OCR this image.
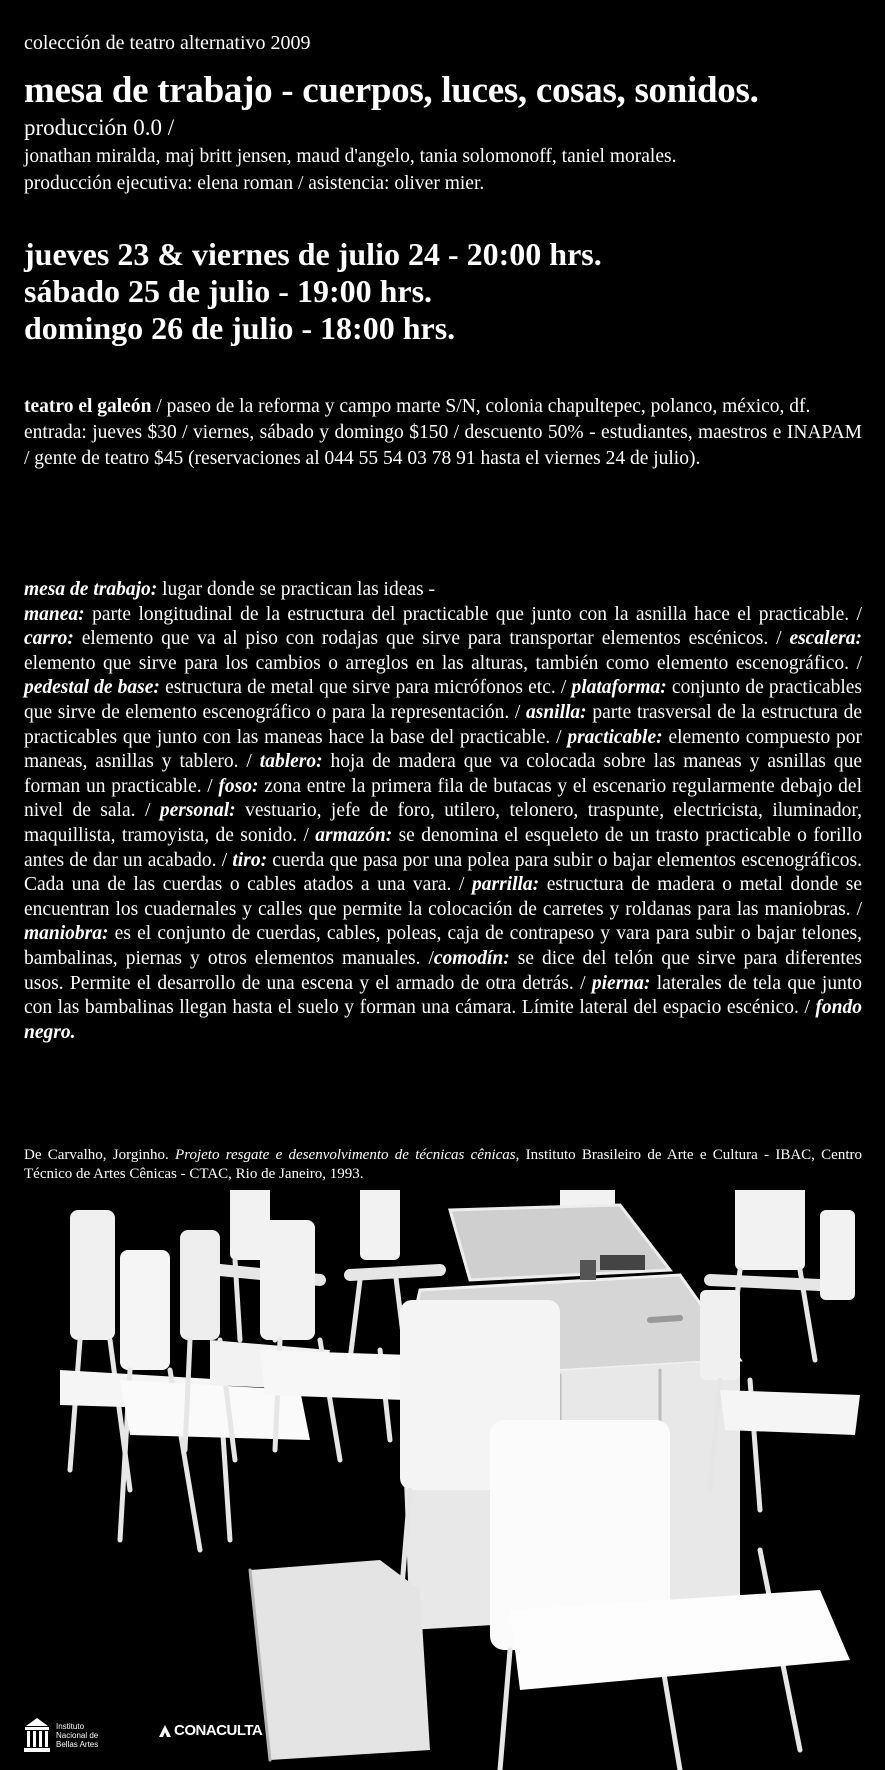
colección de teatro alternativo 2009
mesa de trabajo - cuerpos, luces, cosas, sonidos.
producción 0.0 /
jonathan miralda, maj britt jensen, maud d'angelo, tania solomonoff, taniel morales.
producción ejecutiva: elena roman / asistencia: oliver mier.
jueves 23 & viernes de julio 24 - 20:00 hrs.
sábado 25 de julio - 19:00 hrs.
domingo 26 de julio - 18:00 hrs.
teatro el galeón / paseo de la reforma y campo marte S/N, colonia chapultepec, polanco, méxico, df.
entrada: jueves $30 / viernes, sábado y domingo $150 / descuento 50% - estudiantes, maestros e INAPAM / gente de teatro $45 (reservaciones al 044 55 54 03 78 91 hasta el viernes 24 de julio).
mesa de trabajo: lugar donde se practican las ideas -
manea: parte longitudinal de la estructura del practicable que junto con la asnilla hace el practicable. / carro: elemento que va al piso con rodajas que sirve para transportar elementos escénicos. / escalera: elemento que sirve para los cambios o arreglos en las alturas, también como elemento escenográfico. / pedestal de base: estructura de metal que sirve para micrófonos etc. / plataforma: conjunto de practicables que sirve de elemento escenográfico o para la representación. / asnilla: parte trasversal de la estructura de practicables que junto con las maneas hace la base del practicable. / practicable: elemento compuesto por maneas, asnillas y tablero. / tablero: hoja de madera que va colocada sobre las maneas y asnillas que forman un practicable. / foso: zona entre la primera fila de butacas y el escenario regularmente debajo del nivel de sala. / personal: vestuario, jefe de foro, utilero, telonero, traspunte, electricista, iluminador, maquillista, tramoyista, de sonido. / armazón: se denomina el esqueleto de un trasto practicable o forillo antes de dar un acabado. / tiro: cuerda que pasa por una polea para subir o bajar elementos escenográficos. Cada una de las cuerdas o cables atados a una vara. / parrilla: estructura de madera o metal donde se encuentran los cuadernales y calles que permite la colocación de carretes y roldanas para las maniobras. / maniobra: es el conjunto de cuerdas, cables, poleas, caja de contrapeso y vara para subir o bajar telones, bambalinas, piernas y otros elementos manuales. /comodín: se dice del telón que sirve para diferentes usos. Permite el desarrollo de una escena y el armado de otra detrás. / pierna: laterales de tela que junto con las bambalinas llegan hasta el suelo y forman una cámara. Límite lateral del espacio escénico. / fondo negro.
De Carvalho, Jorginho. Projeto resgate e desenvolvimento de técnicas cênicas, Instituto Brasileiro de Arte e Cultura - IBAC, Centro Técnico de Artes Cênicas - CTAC, Rio de Janeiro, 1993.
Instituto
Nacional de
Bellas Artes
CONACULTA
